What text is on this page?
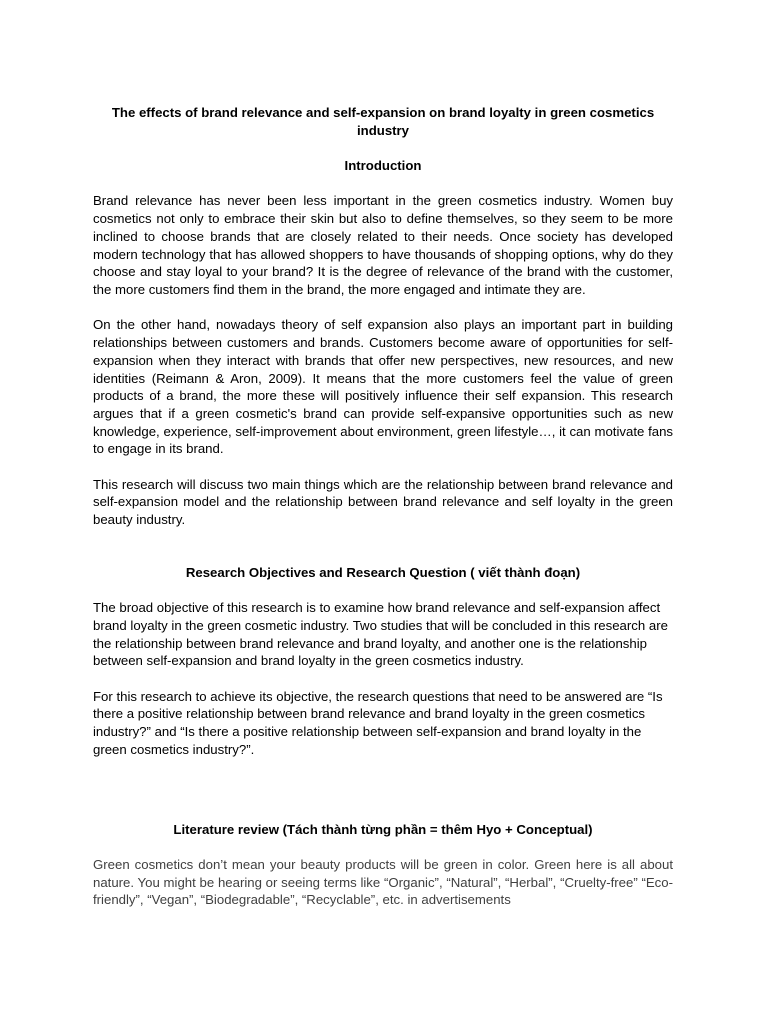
The effects of brand relevance and self-expansion on brand loyalty in green cosmetics industry

Introduction

Brand relevance has never been less important in the green cosmetics industry. Women buy cosmetics not only to embrace their skin but also to define themselves, so they seem to be more inclined to choose brands that are closely related to their needs. Once society has developed modern technology that has allowed shoppers to have thousands of shopping options, why do they choose and stay loyal to your brand? It is the degree of relevance of the brand with the customer, the more customers find them in the brand, the more engaged and intimate they are.

On the other hand, nowadays theory of self expansion also plays an important part in building relationships between customers and brands. Customers become aware of opportunities for self-expansion when they interact with brands that offer new perspectives, new resources, and new identities (Reimann & Aron, 2009). It means that the more customers feel the value of green products of a brand, the more these will positively influence their self expansion. This research argues that if a green cosmetic's brand can provide self-expansive opportunities such as new knowledge, experience, self-improvement about environment, green lifestyle…, it can motivate fans to engage in its brand.

This research will discuss two main things which are the relationship between brand relevance and self-expansion model and the relationship between brand relevance and self loyalty in the green beauty industry.

Research Objectives and Research Question ( viết thành đoạn)

The broad objective of this research is to examine how brand relevance and self-expansion affect brand loyalty in the green cosmetic industry. Two studies that will be concluded in this research are the relationship between brand relevance and brand loyalty, and another one is the relationship between self-expansion and brand loyalty in the green cosmetics industry.

For this research to achieve its objective, the research questions that need to be answered are “Is there a positive relationship between brand relevance and brand loyalty in the green cosmetics industry?” and “Is there a positive relationship between self-expansion and brand loyalty in the green cosmetics industry?”.

Literature review (Tách thành từng phần = thêm Hyo + Conceptual)

Green cosmetics don’t mean your beauty products will be green in color. Green here is all about nature. You might be hearing or seeing terms like “Organic”, “Natural”, “Herbal”, “Cruelty-free” “Eco-friendly”, “Vegan”, “Biodegradable”, “Recyclable”, etc. in advertisements
